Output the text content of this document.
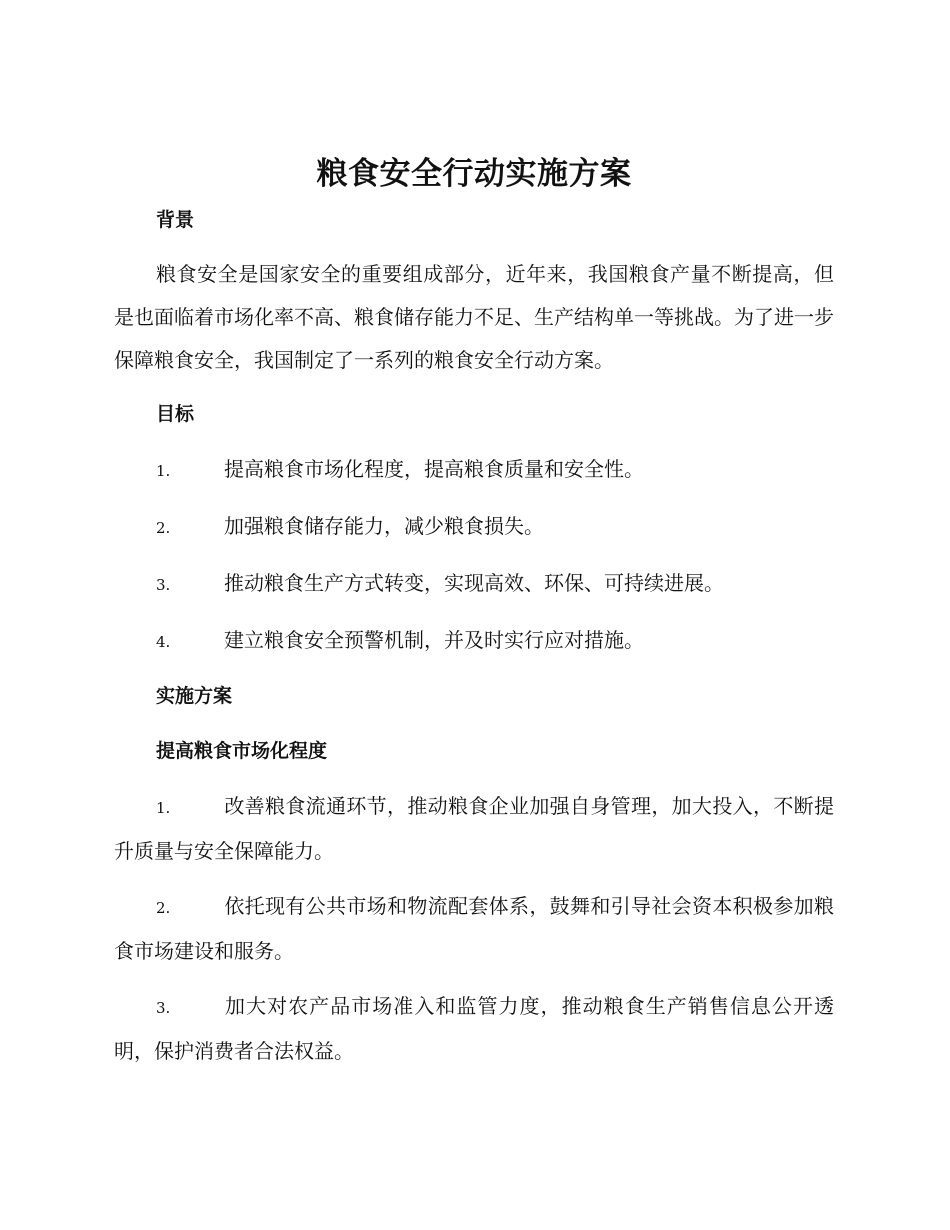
粮食安全行动实施方案
背景

粮食安全是国家安全的重要组成部分，近年来，我国粮食产量不断提高，但是也面临着市场化率不高、粮食储存能力不足、生产结构单一等挑战。为了进一步保障粮食安全，我国制定了一系列的粮食安全行动方案。

目标
1.	提高粮食市场化程度，提高粮食质量和安全性。
2.	加强粮食储存能力，减少粮食损失。
3.	推动粮食生产方式转变，实现高效、环保、可持续进展。
4.	建立粮食安全预警机制，并及时实行应对措施。
实施方案
提高粮食市场化程度
1.	改善粮食流通环节，推动粮食企业加强自身管理，加大投入，不断提升质量与安全保障能力。
2.	依托现有公共市场和物流配套体系，鼓舞和引导社会资本积极参加粮食市场建设和服务。
3.	加大对农产品市场准入和监管力度，推动粮食生产销售信息公开透明，保护消费者合法权益。
